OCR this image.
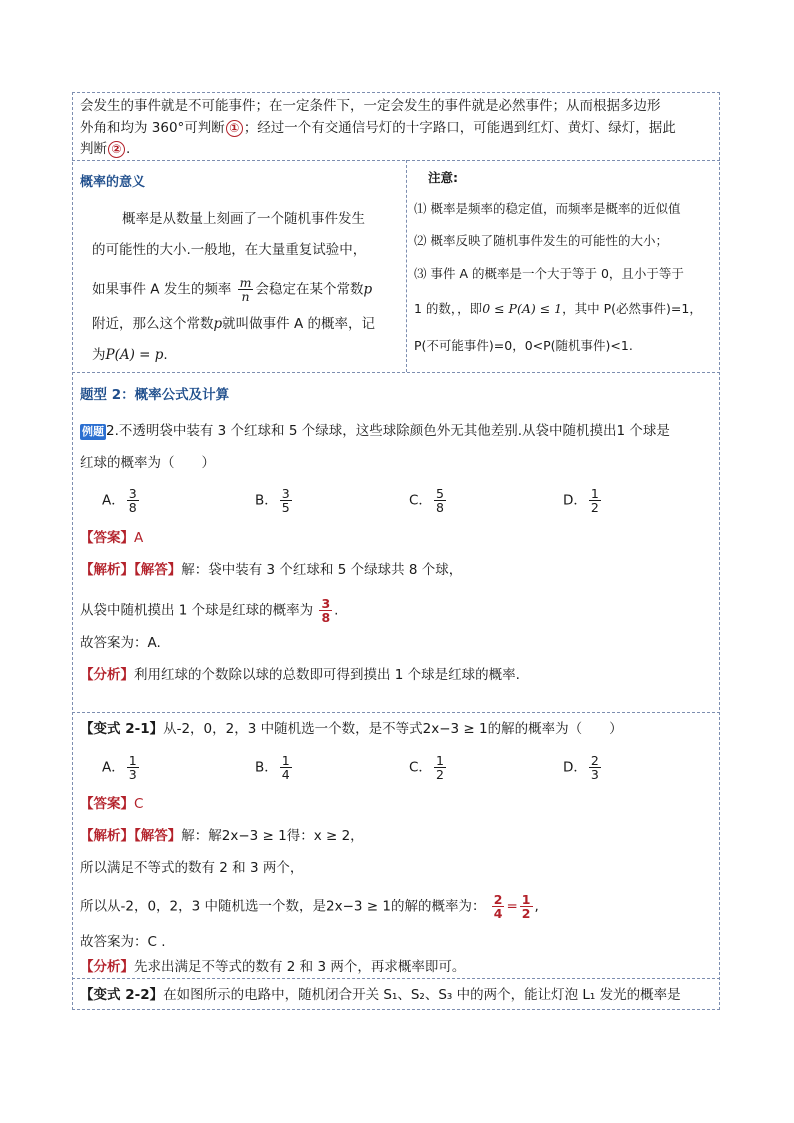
会发生的事件就是不可能事件；在一定条件下，一定会发生的事件就是必然事件；从而根据多边形
外角和均为 360°可判断 ① ；经过一个有交通信号灯的十字路口，可能遇到红灯、黄灯、绿灯，据此
判断 ② .
概率的意义
概率是从数量上刻画了一个随机事件发生
的可能性的大小.一般地，在大量重复试验中，
如果事件 A 发生的频率 $\frac{m}{n}$ 会稳定在某个常数p
附近，那么这个常数p就叫做事件 A 的概率，记
为P(A) = p.
注意:
⑴ 概率是频率的稳定值，而频率是概率的近似值
⑵ 概率反映了随机事件发生的可能性的大小；
⑶ 事件 A 的概率是一个大于等于 0，且小于等于
1 的数，，即0 ≤ P(A) ≤ 1，其中 P(必然事件)=1，
P(不可能事件)=0，0<P(随机事件)<1.
题型 2：概率公式及计算
例题 2.不透明袋中装有 3 个红球和 5 个绿球，这些球除颜色外无其他差别.从袋中随机摸出1 个球是
红球的概率为（　　）
A． $\frac{3}{8}$	B． $\frac{3}{5}$	C． $\frac{5}{8}$	D． $\frac{1}{2}$
【答案】A
【解析】【解答】解：袋中装有 3 个红球和 5 个绿球共 8 个球，
从袋中随机摸出 1 个球是红球的概率为 $\frac{3}{8}$ .
故答案为：A.
【分析】利用红球的个数除以球的总数即可得到摸出 1 个球是红球的概率.
【变式 2-1】从-2，0，2，3 中随机选一个数，是不等式2x−3 ≥ 1的解的概率为（　　）
A． $\frac{1}{3}$	B． $\frac{1}{4}$	C． $\frac{1}{2}$	D． $\frac{2}{3}$
【答案】C
【解析】【解答】解：解2x−3 ≥ 1得：x ≥ 2，
所以满足不等式的数有 2 和 3 两个，
所以从-2，0，2，3 中随机选一个数，是2x−3 ≥ 1的解的概率为： $\frac{2}{4} = \frac{1}{2}$ ,
故答案为：C .
【分析】先求出满足不等式的数有 2 和 3 两个，再求概率即可。
【变式 2-2】在如图所示的电路中，随机闭合开关 S₁、S₂、S₃ 中的两个，能让灯泡 L₁ 发光的概率是
